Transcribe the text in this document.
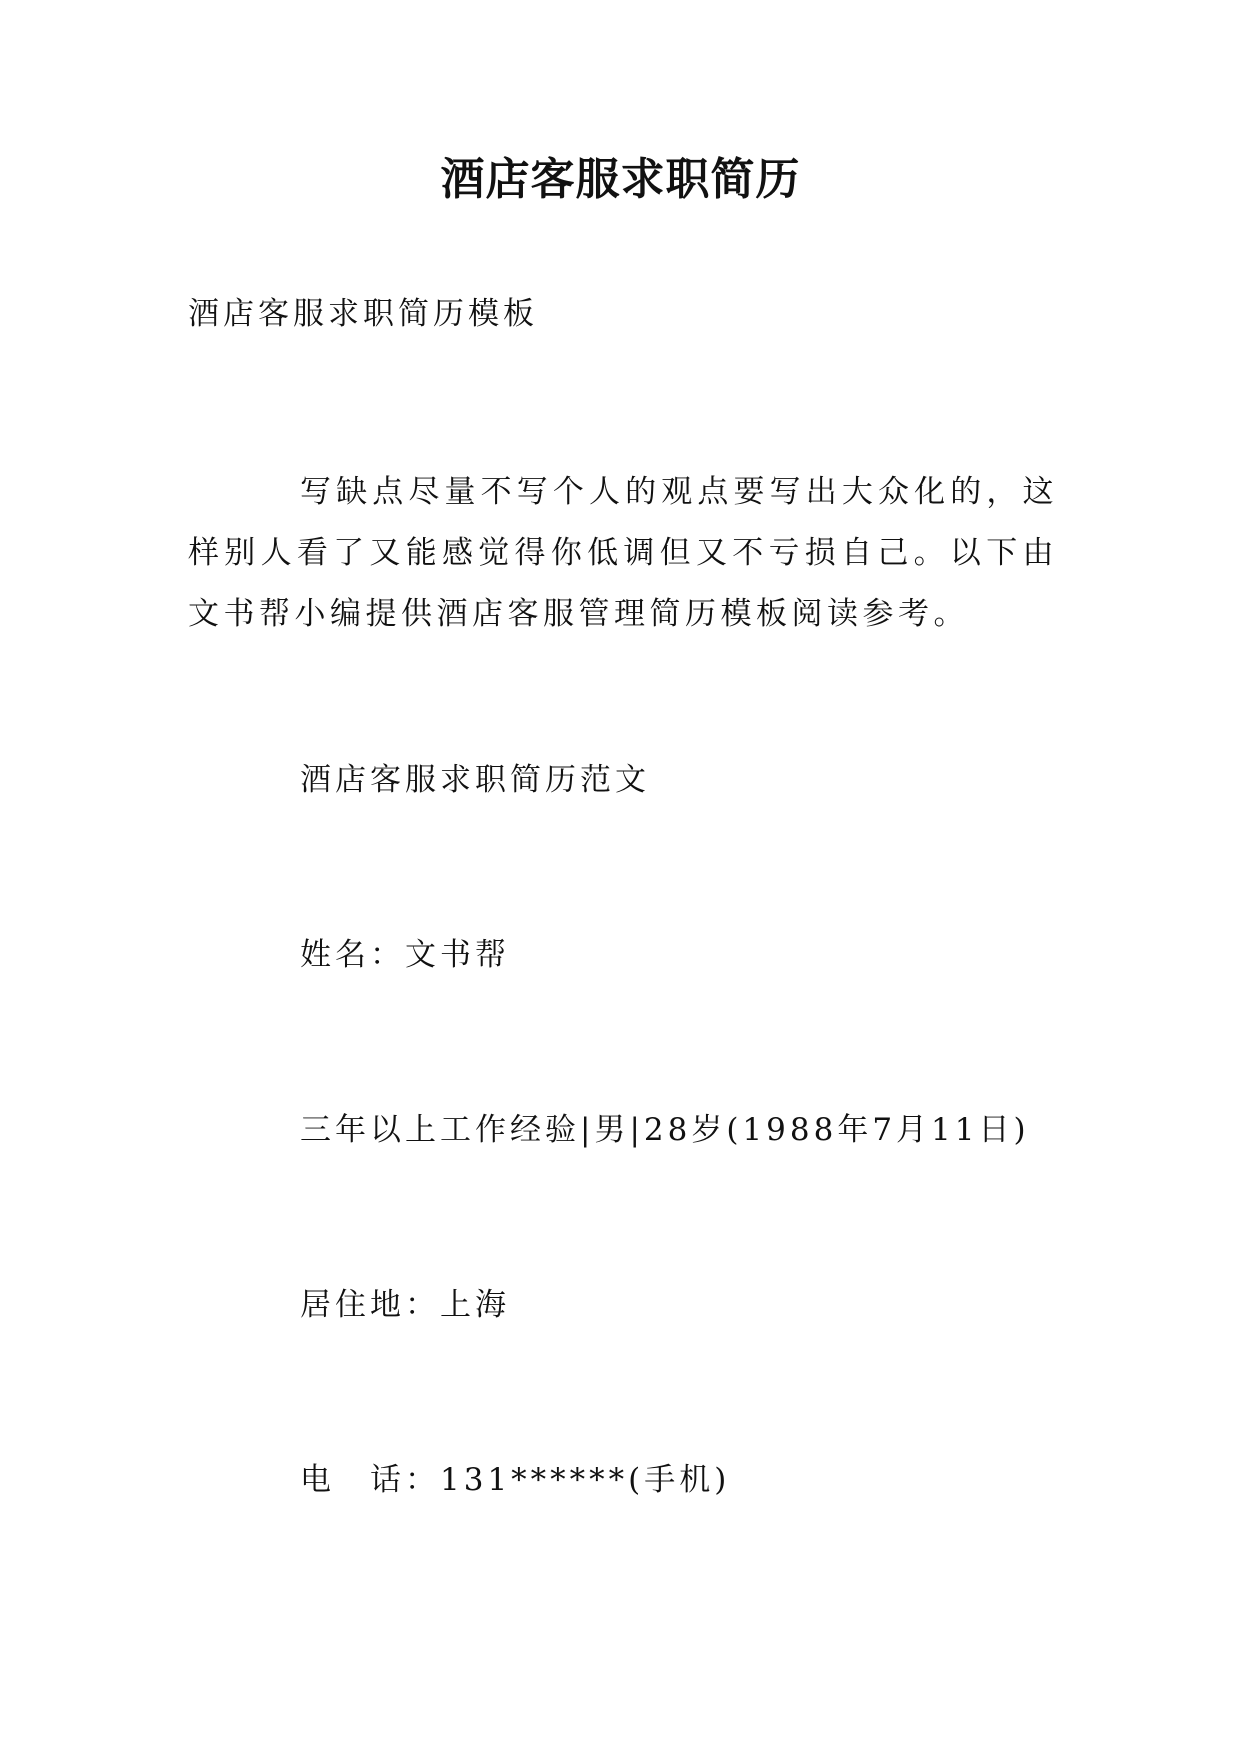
酒店客服求职简历

酒店客服求职简历模板

写缺点尽量不写个人的观点要写出大众化的，这样别人看了又能感觉得你低调但又不亏损自己。以下由文书帮小编提供酒店客服管理简历模板阅读参考。

酒店客服求职简历范文

姓名：文书帮

三年以上工作经验|男|28岁(1988年7月11日)

居住地：上海

电　话：131******(手机)
